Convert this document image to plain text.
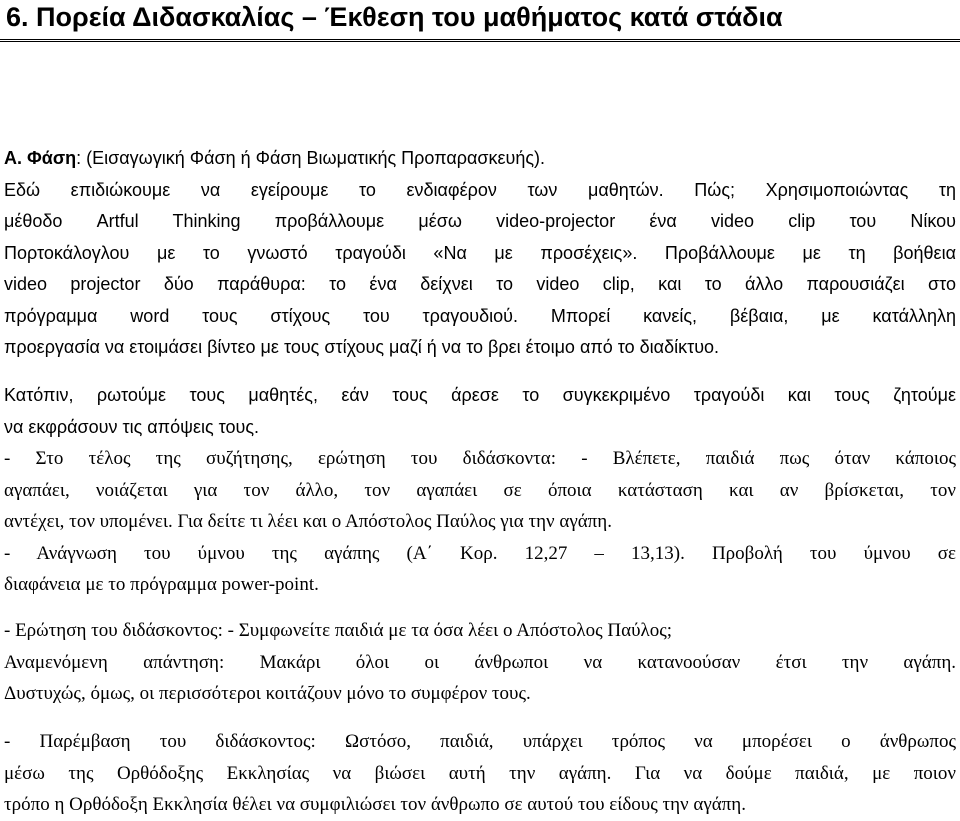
6. Πορεία Διδασκαλίας – Έκθεση του μαθήματος κατά στάδια
Α. Φάση: (Εισαγωγική Φάση ή Φάση Βιωματικής Προπαρασκευής).
Εδώ επιδιώκουμε να εγείρουμε το ενδιαφέρον των μαθητών. Πώς; Χρησιμοποιώντας τη
μέθοδο Artful Thinking προβάλλουμε μέσω video-projector ένα video clip του Νίκου
Πορτοκάλογλου με το γνωστό τραγούδι «Να με προσέχεις». Προβάλλουμε με τη βοήθεια
video projector δύο παράθυρα: το ένα δείχνει το video clip, και το άλλο παρουσιάζει στο
πρόγραμμα word τους στίχους του τραγουδιού. Μπορεί κανείς, βέβαια, με κατάλληλη
προεργασία να ετοιμάσει βίντεο με τους στίχους μαζί ή να το βρει έτοιμο από το διαδίκτυο.
Κατόπιν, ρωτούμε τους μαθητές, εάν τους άρεσε το συγκεκριμένο τραγούδι και τους ζητούμε
να εκφράσουν τις απόψεις τους.
- Στο τέλος της συζήτησης, ερώτηση του διδάσκοντα: - Βλέπετε, παιδιά πως όταν κάποιος
αγαπάει, νοιάζεται για τον άλλο, τον αγαπάει σε όποια κατάσταση και αν βρίσκεται, τον
αντέχει, τον υπομένει. Για δείτε τι λέει και ο Απόστολος Παύλος για την αγάπη.
- Ανάγνωση του ύμνου της αγάπης (Α΄ Κορ. 12,27 – 13,13). Προβολή του ύμνου σε
διαφάνεια με το πρόγραμμα power-point.
- Ερώτηση του διδάσκοντος: - Συμφωνείτε παιδιά με τα όσα λέει ο Απόστολος Παύλος;
Αναμενόμενη απάντηση: Μακάρι όλοι οι άνθρωποι να κατανοούσαν έτσι την αγάπη.
Δυστυχώς, όμως, οι περισσότεροι κοιτάζουν μόνο το συμφέρον τους.
- Παρέμβαση του διδάσκοντος: Ωστόσο, παιδιά, υπάρχει τρόπος να μπορέσει ο άνθρωπος
μέσω της Ορθόδοξης Εκκλησίας να βιώσει αυτή την αγάπη. Για να δούμε παιδιά, με ποιον
τρόπο η Ορθόδοξη Εκκλησία θέλει να συμφιλιώσει τον άνθρωπο σε αυτού του είδους την αγάπη.
